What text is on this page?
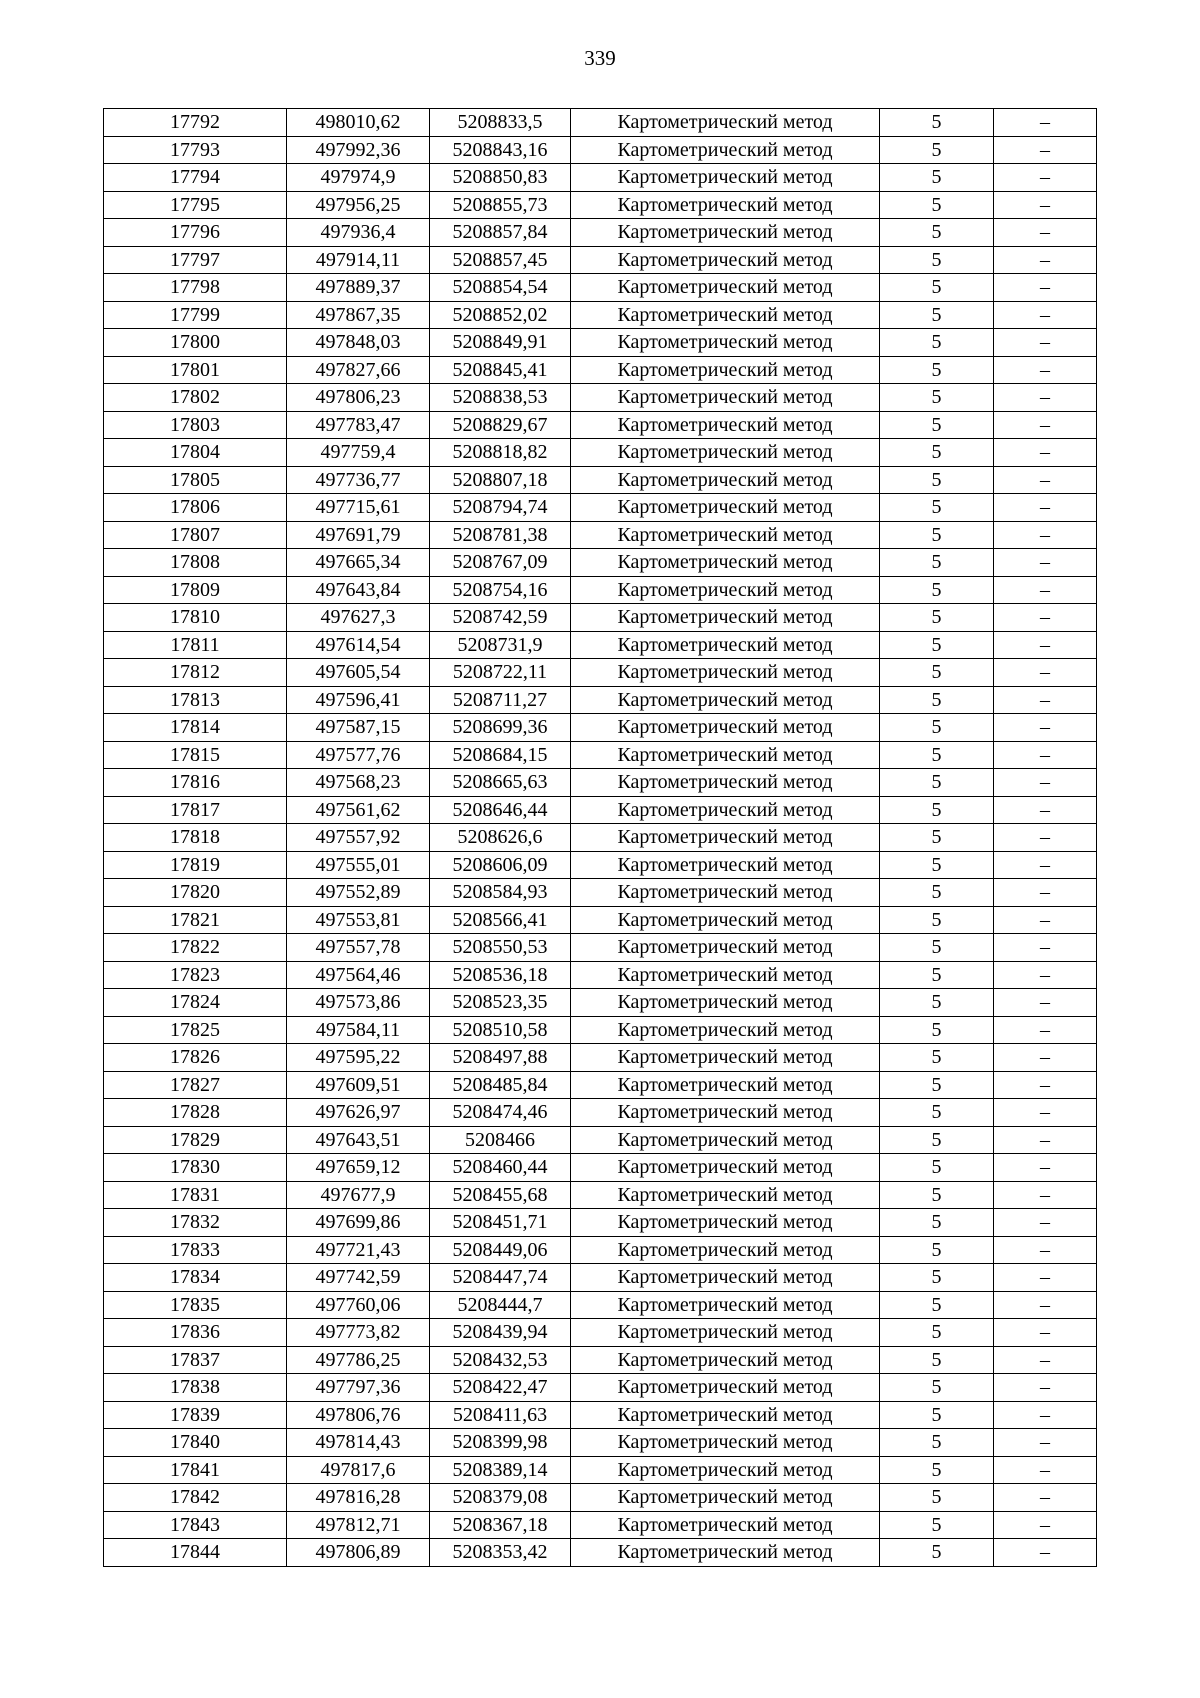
339
17792	498010,62	5208833,5	Картометрический метод	5	–
17793	497992,36	5208843,16	Картометрический метод	5	–
17794	497974,9	5208850,83	Картометрический метод	5	–
17795	497956,25	5208855,73	Картометрический метод	5	–
17796	497936,4	5208857,84	Картометрический метод	5	–
17797	497914,11	5208857,45	Картометрический метод	5	–
17798	497889,37	5208854,54	Картометрический метод	5	–
17799	497867,35	5208852,02	Картометрический метод	5	–
17800	497848,03	5208849,91	Картометрический метод	5	–
17801	497827,66	5208845,41	Картометрический метод	5	–
17802	497806,23	5208838,53	Картометрический метод	5	–
17803	497783,47	5208829,67	Картометрический метод	5	–
17804	497759,4	5208818,82	Картометрический метод	5	–
17805	497736,77	5208807,18	Картометрический метод	5	–
17806	497715,61	5208794,74	Картометрический метод	5	–
17807	497691,79	5208781,38	Картометрический метод	5	–
17808	497665,34	5208767,09	Картометрический метод	5	–
17809	497643,84	5208754,16	Картометрический метод	5	–
17810	497627,3	5208742,59	Картометрический метод	5	–
17811	497614,54	5208731,9	Картометрический метод	5	–
17812	497605,54	5208722,11	Картометрический метод	5	–
17813	497596,41	5208711,27	Картометрический метод	5	–
17814	497587,15	5208699,36	Картометрический метод	5	–
17815	497577,76	5208684,15	Картометрический метод	5	–
17816	497568,23	5208665,63	Картометрический метод	5	–
17817	497561,62	5208646,44	Картометрический метод	5	–
17818	497557,92	5208626,6	Картометрический метод	5	–
17819	497555,01	5208606,09	Картометрический метод	5	–
17820	497552,89	5208584,93	Картометрический метод	5	–
17821	497553,81	5208566,41	Картометрический метод	5	–
17822	497557,78	5208550,53	Картометрический метод	5	–
17823	497564,46	5208536,18	Картометрический метод	5	–
17824	497573,86	5208523,35	Картометрический метод	5	–
17825	497584,11	5208510,58	Картометрический метод	5	–
17826	497595,22	5208497,88	Картометрический метод	5	–
17827	497609,51	5208485,84	Картометрический метод	5	–
17828	497626,97	5208474,46	Картометрический метод	5	–
17829	497643,51	5208466	Картометрический метод	5	–
17830	497659,12	5208460,44	Картометрический метод	5	–
17831	497677,9	5208455,68	Картометрический метод	5	–
17832	497699,86	5208451,71	Картометрический метод	5	–
17833	497721,43	5208449,06	Картометрический метод	5	–
17834	497742,59	5208447,74	Картометрический метод	5	–
17835	497760,06	5208444,7	Картометрический метод	5	–
17836	497773,82	5208439,94	Картометрический метод	5	–
17837	497786,25	5208432,53	Картометрический метод	5	–
17838	497797,36	5208422,47	Картометрический метод	5	–
17839	497806,76	5208411,63	Картометрический метод	5	–
17840	497814,43	5208399,98	Картометрический метод	5	–
17841	497817,6	5208389,14	Картометрический метод	5	–
17842	497816,28	5208379,08	Картометрический метод	5	–
17843	497812,71	5208367,18	Картометрический метод	5	–
17844	497806,89	5208353,42	Картометрический метод	5	–
